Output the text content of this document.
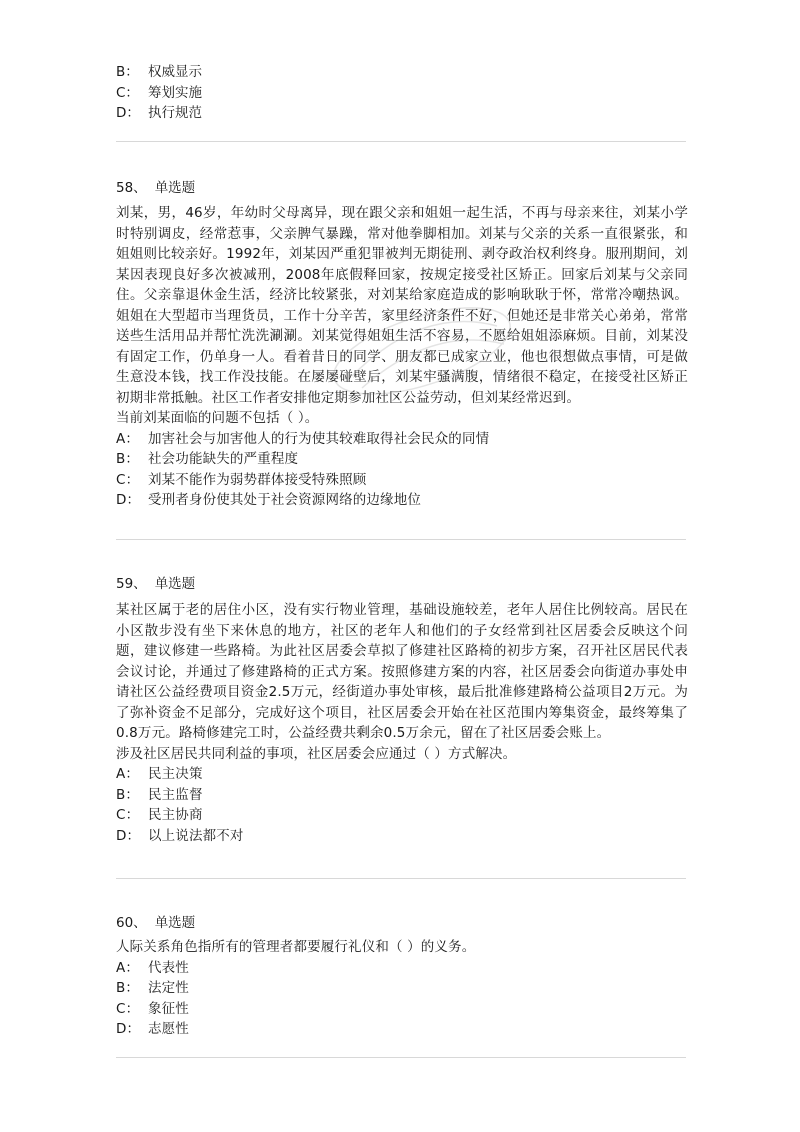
B： 权威显示
C： 筹划实施
D： 执行规范
58、 单选题

刘某，男，46岁，年幼时父母离异，现在跟父亲和姐姐一起生活，不再与母亲来往，刘某小学时特别调皮，经常惹事，父亲脾气暴躁，常对他拳脚相加。刘某与父亲的关系一直很紧张，和姐姐则比较亲好。1992年，刘某因严重犯罪被判无期徒刑、剥夺政治权利终身。服刑期间，刘某因表现良好多次被减刑，2008年底假释回家，按规定接受社区矫正。回家后刘某与父亲同住。父亲靠退休金生活，经济比较紧张，对刘某给家庭造成的影响耿耿于怀，常常冷嘲热讽。姐姐在大型超市当理货员，工作十分辛苦，家里经济条件不好，但她还是非常关心弟弟，常常送些生活用品并帮忙洗洗涮涮。刘某觉得姐姐生活不容易，不愿给姐姐添麻烦。目前，刘某没有固定工作，仍单身一人。看着昔日的同学、朋友都已成家立业，他也很想做点事情，可是做生意没本钱，找工作没技能。在屡屡碰壁后，刘某牢骚满腹，情绪很不稳定，在接受社区矫正初期非常抵触。社区工作者安排他定期参加社区公益劳动，但刘某经常迟到。

当前刘某面临的问题不包括（ ）。

A： 加害社会与加害他人的行为使其较难取得社会民众的同情
B： 社会功能缺失的严重程度
C： 刘某不能作为弱势群体接受特殊照顾
D： 受刑者身份使其处于社会资源网络的边缘地位
59、 单选题

某社区属于老的居住小区，没有实行物业管理，基础设施较差，老年人居住比例较高。居民在小区散步没有坐下来休息的地方，社区的老年人和他们的子女经常到社区居委会反映这个问题，建议修建一些路椅。为此社区居委会草拟了修建社区路椅的初步方案，召开社区居民代表会议讨论，并通过了修建路椅的正式方案。按照修建方案的内容，社区居委会向街道办事处申请社区公益经费项目资金2.5万元，经街道办事处审核，最后批准修建路椅公益项目2万元。为了弥补资金不足部分，完成好这个项目，社区居委会开始在社区范围内筹集资金，最终筹集了0.8万元。路椅修建完工时，公益经费共剩余0.5万余元，留在了社区居委会账上。

涉及社区居民共同利益的事项，社区居委会应通过（ ）方式解决。

A： 民主决策
B： 民主监督
C： 民主协商
D： 以上说法都不对
60、 单选题

人际关系角色指所有的管理者都要履行礼仪和（ ）的义务。

A： 代表性
B： 法定性
C： 象征性
D： 志愿性
